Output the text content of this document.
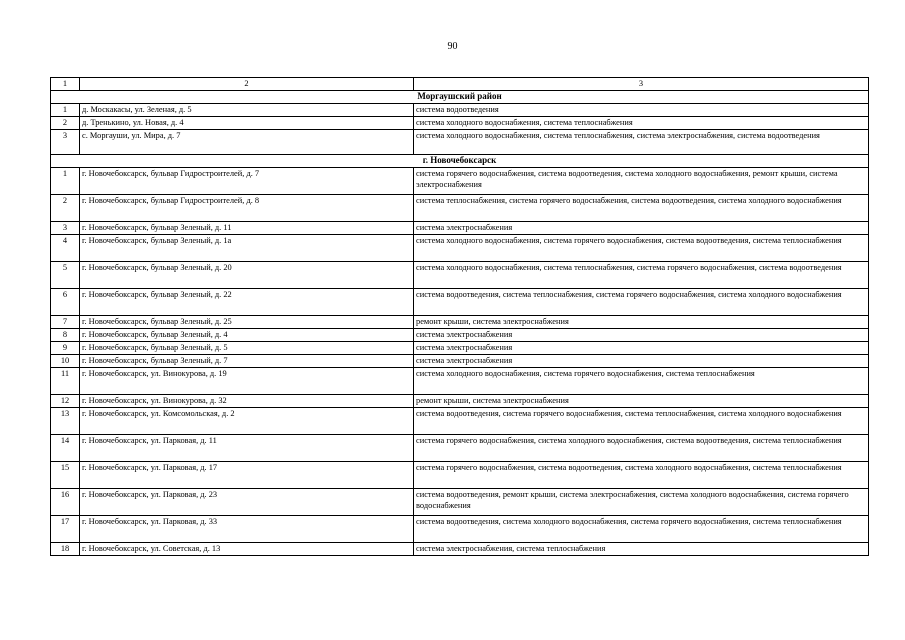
90
1	2	3
Моргаушский район		
1	д. Москакасы, ул. Зеленая, д. 5	система водоотведения
2	д. Тренькино, ул. Новая, д. 4	система холодного водоснабжения, система теплоснабжения
3	с. Моргауши, ул. Мира, д. 7	система холодного водоснабжения, система теплоснабжения, система электроснабжения, система водоотведения
г. Новочебоксарск		
1	г. Новочебоксарск, бульвар Гидростроителей, д. 7	система горячего водоснабжения, система водоотведения, система холодного водоснабжения, ремонт крыши, система электроснабжения
2	г. Новочебоксарск, бульвар Гидростроителей, д. 8	система теплоснабжения, система горячего водоснабжения, система водоотведения, система холодного водоснабжения
3	г. Новочебоксарск, бульвар Зеленый, д. 11	система электроснабжения
4	г. Новочебоксарск, бульвар Зеленый, д. 1а	система холодного водоснабжения, система горячего водоснабжения, система водоотведения, система теплоснабжения
5	г. Новочебоксарск, бульвар Зеленый, д. 20	система холодного водоснабжения, система теплоснабжения, система горячего водоснабжения, система водоотведения
6	г. Новочебоксарск, бульвар Зеленый, д. 22	система водоотведения, система теплоснабжения, система горячего водоснабжения, система холодного водоснабжения
7	г. Новочебоксарск, бульвар Зеленый, д. 25	ремонт крыши, система электроснабжения
8	г. Новочебоксарск, бульвар Зеленый, д. 4	система электроснабжения
9	г. Новочебоксарск, бульвар Зеленый, д. 5	система электроснабжения
10	г. Новочебоксарск, бульвар Зеленый, д. 7	система электроснабжения
11	г. Новочебоксарск, ул. Винокурова, д. 19	система холодного водоснабжения, система горячего водоснабжения, система теплоснабжения
12	г. Новочебоксарск, ул. Винокурова, д. 32	ремонт крыши, система электроснабжения
13	г. Новочебоксарск, ул. Комсомольская, д. 2	система водоотведения, система горячего водоснабжения, система теплоснабжения, система холодного водоснабжения
14	г. Новочебоксарск, ул. Парковая, д. 11	система горячего водоснабжения, система холодного водоснабжения, система водоотведения, система теплоснабжения
15	г. Новочебоксарск, ул. Парковая, д. 17	система горячего водоснабжения, система водоотведения, система холодного водоснабжения, система теплоснабжения
16	г. Новочебоксарск, ул. Парковая, д. 23	система водоотведения, ремонт крыши, система электроснабжения, система холодного водоснабжения, система горячего водоснабжения
17	г. Новочебоксарск, ул. Парковая, д. 33	система водоотведения, система холодного водоснабжения, система горячего водоснабжения, система теплоснабжения
18	г. Новочебоксарск, ул. Советская, д. 13	система электроснабжения, система теплоснабжения
